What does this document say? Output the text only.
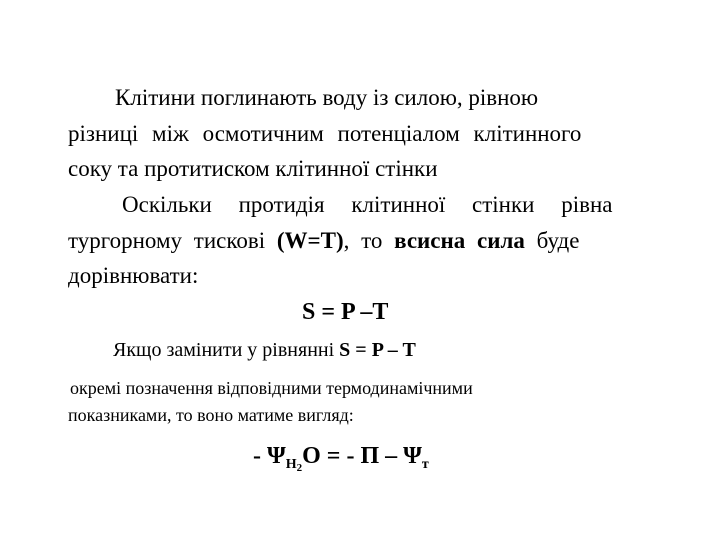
Клітини поглинають воду із силою, рівною
різниці між осмотичним потенціалом клітинного
соку та протитиском клітинної стінки
Оскільки протидія клітинної стінки рівна
тургорному тискові (W=T), то всисна сила буде
дорівнювати:
S = P –T
Якщо замінити у рівнянні S = P – T
окремі позначення відповідними термодинамічними
показниками, то воно матиме вигляд:
- $\Psi_{H2}O$ = - Π – $\Psi_т$
